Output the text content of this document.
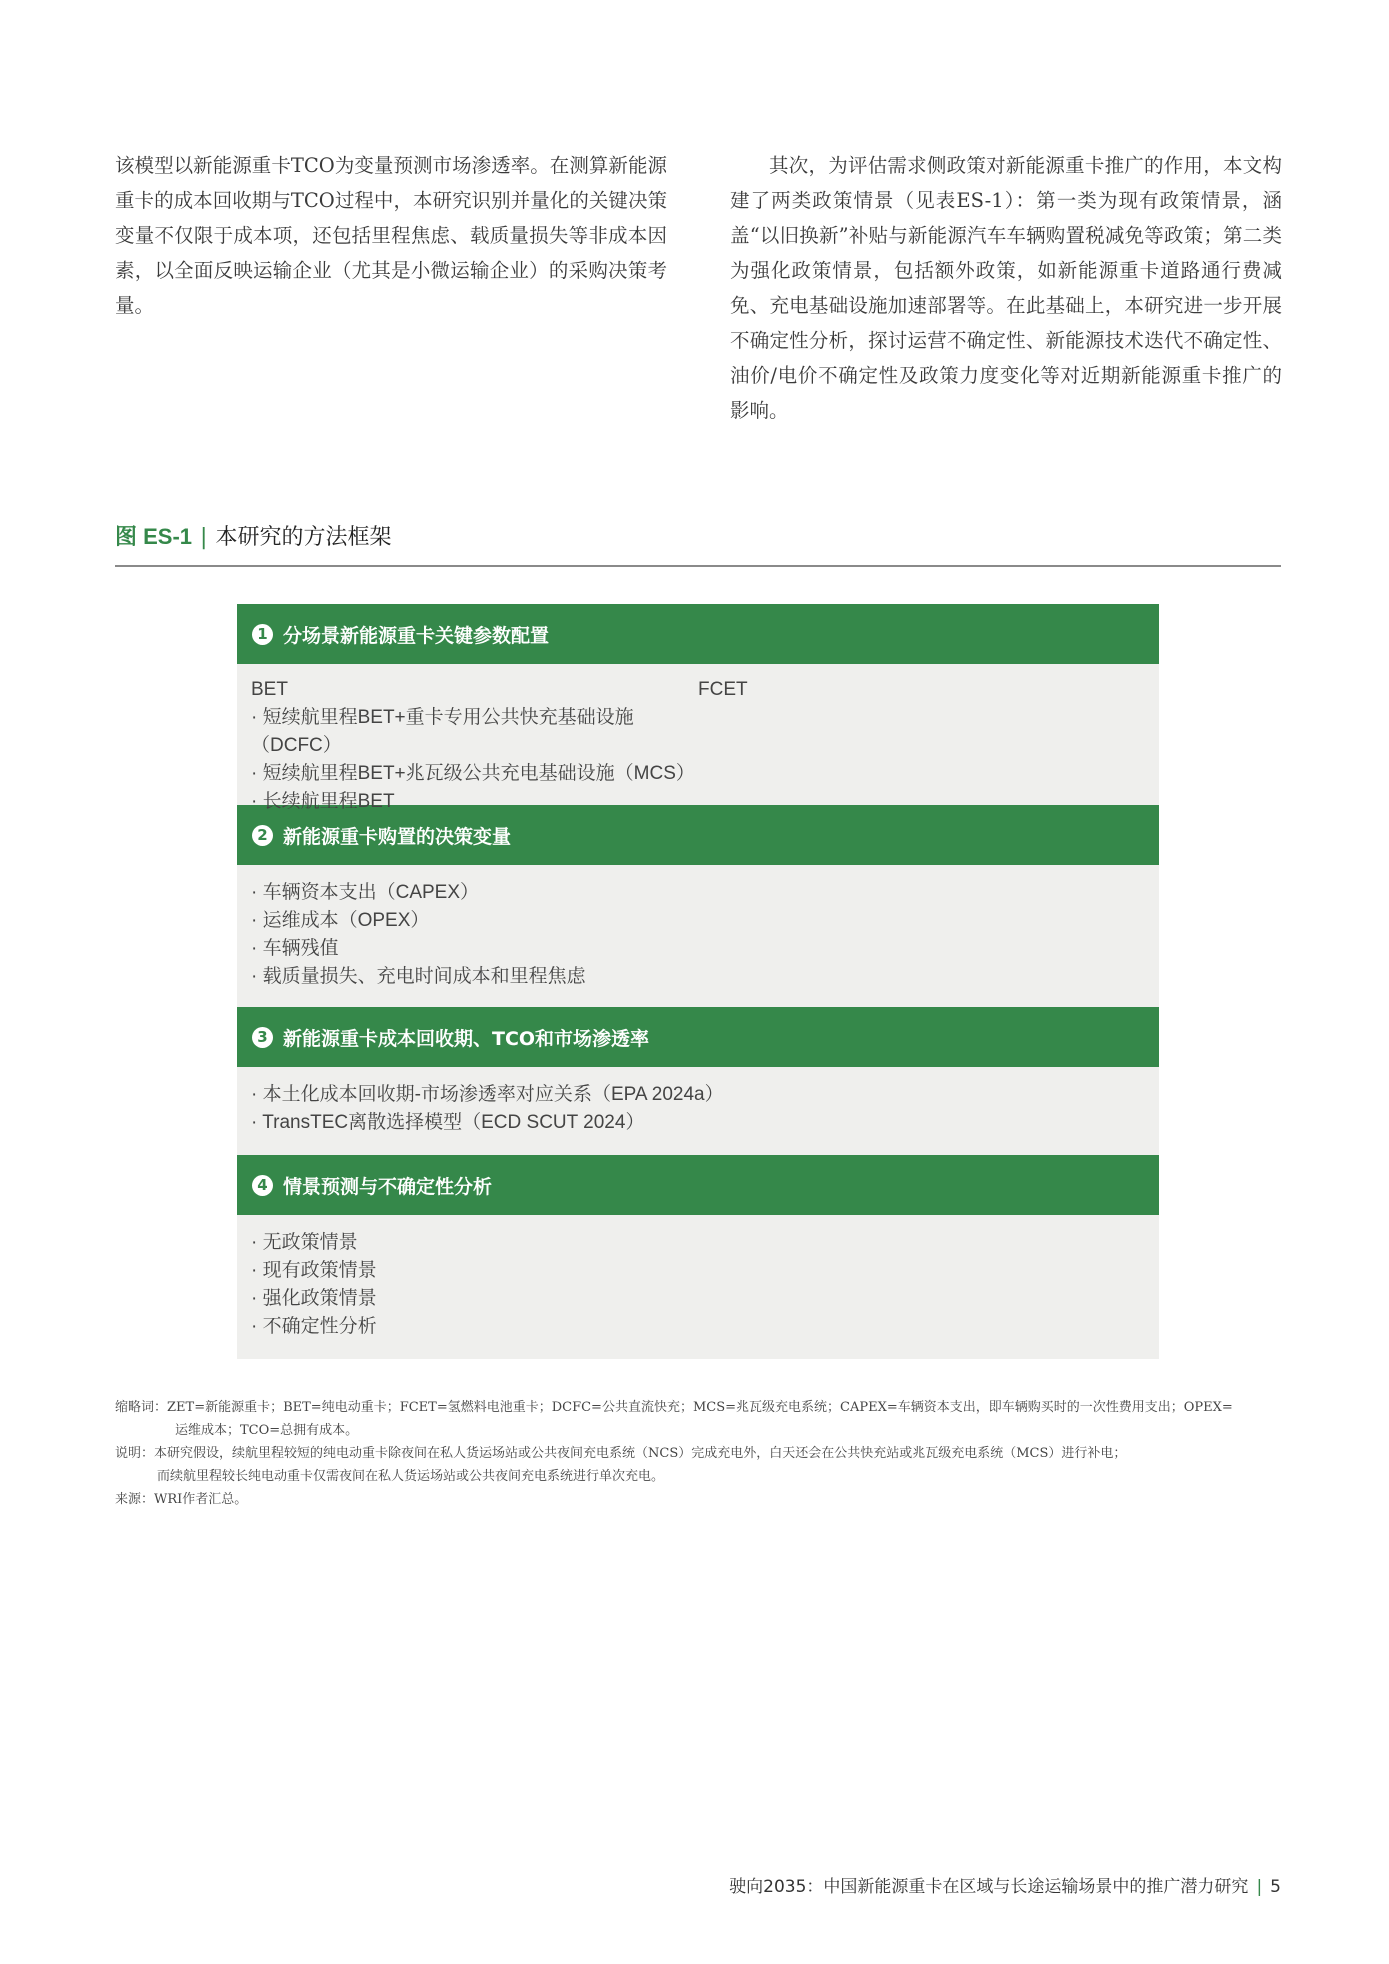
该模型以新能源重卡TCO为变量预测市场渗透率。在测算新能源重卡的成本回收期与TCO过程中，本研究识别并量化的关键决策变量不仅限于成本项，还包括里程焦虑、载质量损失等非成本因素，以全面反映运输企业（尤其是小微运输企业）的采购决策考量。

其次，为评估需求侧政策对新能源重卡推广的作用，本文构建了两类政策情景（见表ES-1）：第一类为现有政策情景，涵盖“以旧换新”补贴与新能源汽车车辆购置税减免等政策；第二类为强化政策情景，包括额外政策，如新能源重卡道路通行费减免、充电基础设施加速部署等。在此基础上，本研究进一步开展不确定性分析，探讨运营不确定性、新能源技术迭代不确定性、油价/电价不确定性及政策力度变化等对近期新能源重卡推广的影响。

图 ES-1 | 本研究的方法框架
1 分场景新能源重卡关键参数配置
BET
· 短续航里程BET+重卡专用公共快充基础设施（DCFC）
· 短续航里程BET+兆瓦级公共充电基础设施（MCS）
· 长续航里程BET
FCET
2 新能源重卡购置的决策变量
· 车辆资本支出（CAPEX）
· 运维成本（OPEX）
· 车辆残值
· 载质量损失、充电时间成本和里程焦虑
3 新能源重卡成本回收期、TCO和市场渗透率
· 本土化成本回收期-市场渗透率对应关系（EPA 2024a）
· TransTEC离散选择模型（ECD SCUT 2024）
4 情景预测与不确定性分析
· 无政策情景
· 现有政策情景
· 强化政策情景
· 不确定性分析
缩略词：ZET=新能源重卡；BET=纯电动重卡；FCET=氢燃料电池重卡；DCFC=公共直流快充；MCS=兆瓦级充电系统；CAPEX=车辆资本支出，即车辆购买时的一次性费用支出；OPEX=
运维成本；TCO=总拥有成本。
说明：本研究假设，续航里程较短的纯电动重卡除夜间在私人货运场站或公共夜间充电系统（NCS）完成充电外，白天还会在公共快充站或兆瓦级充电系统（MCS）进行补电；
而续航里程较长纯电动重卡仅需夜间在私人货运场站或公共夜间充电系统进行单次充电。
来源：WRI作者汇总。
驶向2035：中国新能源重卡在区域与长途运输场景中的推广潜力研究 | 5
